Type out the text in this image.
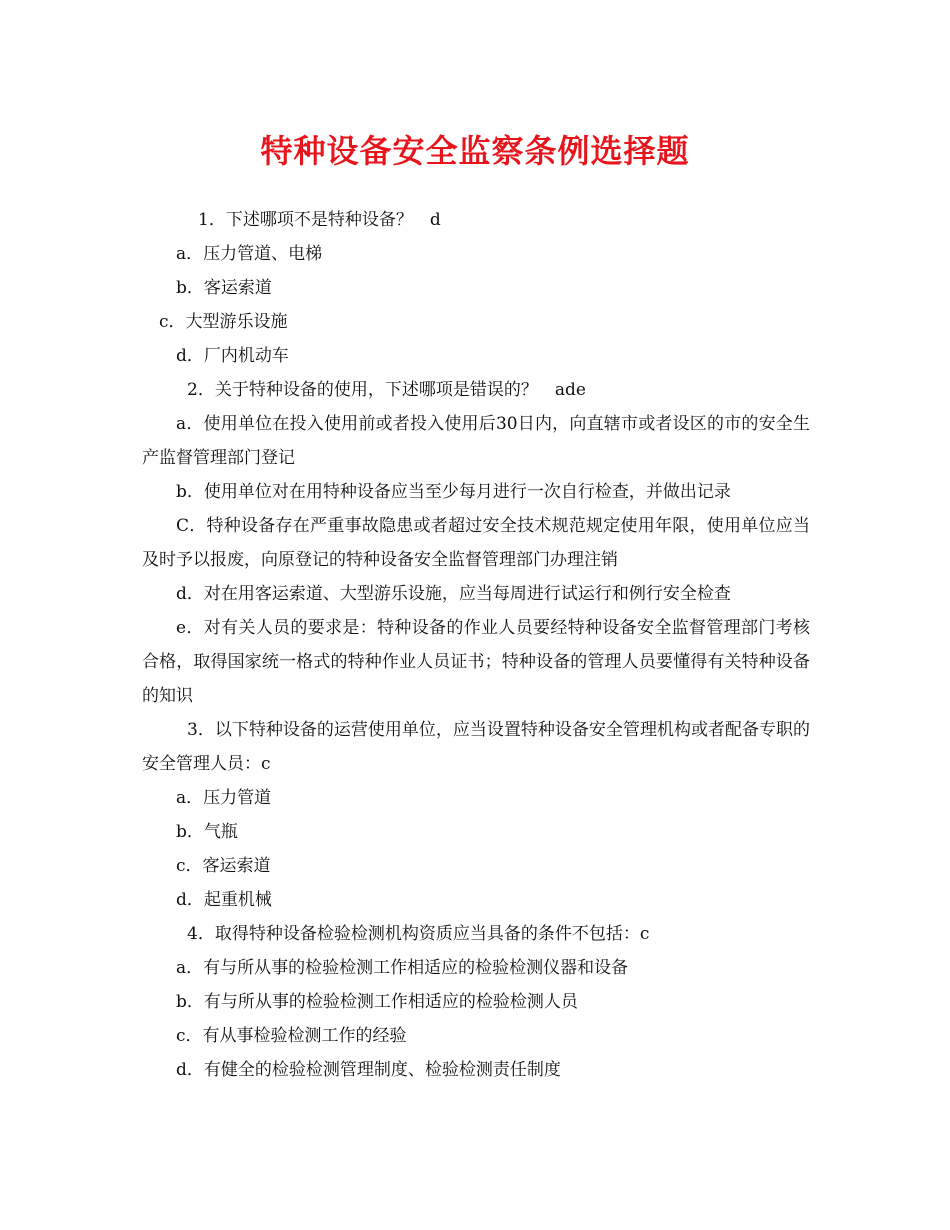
特种设备安全监察条例选择题
1．下述哪项不是特种设备？　d
a．压力管道、电梯
b．客运索道
c．大型游乐设施
d．厂内机动车
2．关于特种设备的使用，下述哪项是错误的？　ade
a．使用单位在投入使用前或者投入使用后30日内，向直辖市或者设区的市的安全生产监督管理部门登记
b．使用单位对在用特种设备应当至少每月进行一次自行检查，并做出记录
C．特种设备存在严重事故隐患或者超过安全技术规范规定使用年限，使用单位应当及时予以报废，向原登记的特种设备安全监督管理部门办理注销
d．对在用客运索道、大型游乐设施，应当每周进行试运行和例行安全检查
e．对有关人员的要求是：特种设备的作业人员要经特种设备安全监督管理部门考核合格，取得国家统一格式的特种作业人员证书；特种设备的管理人员要懂得有关特种设备的知识
3．以下特种设备的运营使用单位，应当设置特种设备安全管理机构或者配备专职的安全管理人员：c
a．压力管道
b．气瓶
c．客运索道
d．起重机械
4．取得特种设备检验检测机构资质应当具备的条件不包括：c
a．有与所从事的检验检测工作相适应的检验检测仪器和设备
b．有与所从事的检验检测工作相适应的检验检测人员
c．有从事检验检测工作的经验
d．有健全的检验检测管理制度、检验检测责任制度
